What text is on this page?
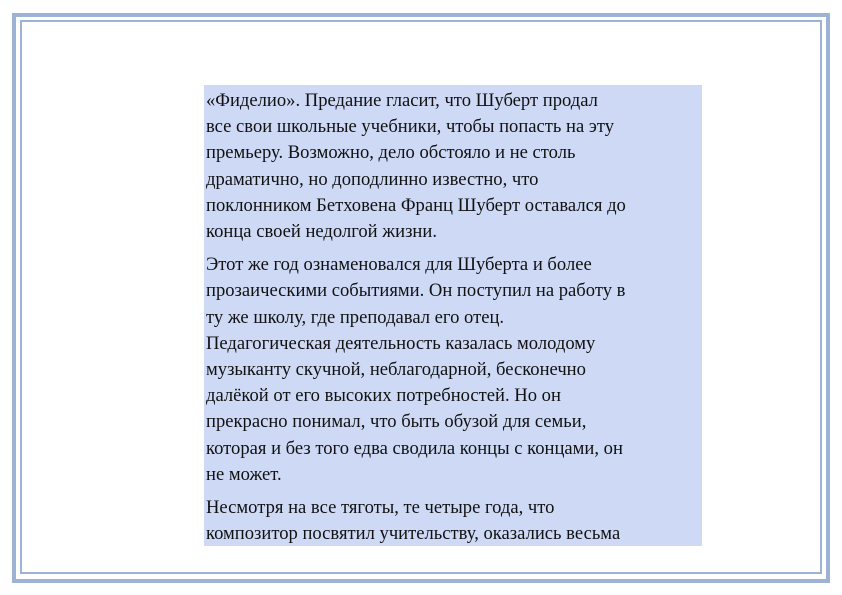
«Фиделио». Предание гласит, что Шуберт продал
все свои школьные учебники, чтобы попасть на эту
премьеру. Возможно, дело обстояло и не столь
драматично, но доподлинно известно, что
поклонником Бетховена Франц Шуберт оставался до
конца своей недолгой жизни.

Этот же год ознаменовался для Шуберта и более
прозаическими событиями. Он поступил на работу в
ту же школу, где преподавал его отец.
Педагогическая деятельность казалась молодому
музыканту скучной, неблагодарной, бесконечно
далёкой от его высоких потребностей. Но он
прекрасно понимал, что быть обузой для семьи,
которая и без того едва сводила концы с концами, он
не может.

Несмотря на все тяготы, те четыре года, что
композитор посвятил учительству, оказались весьма
